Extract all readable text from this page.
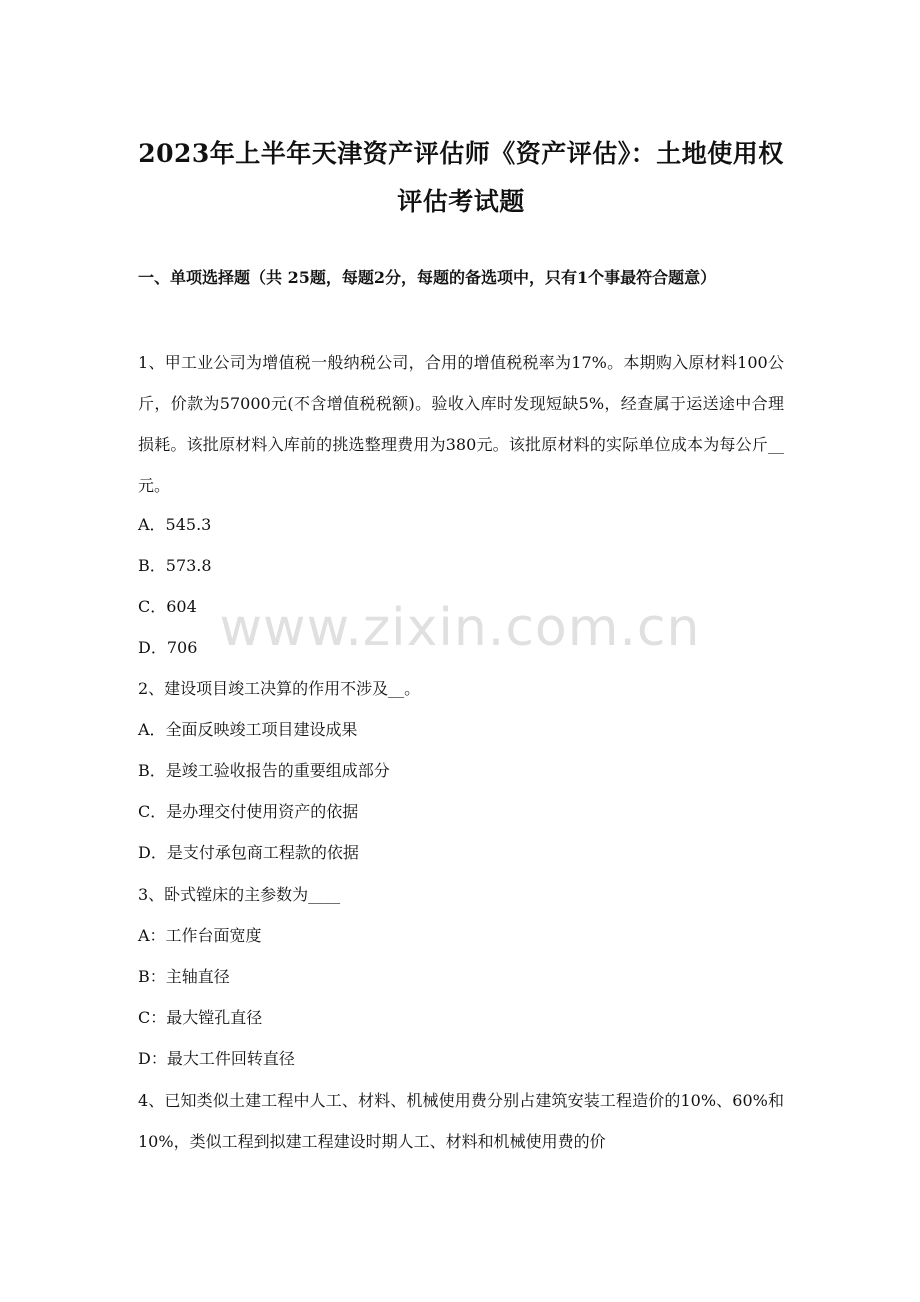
2023年上半年天津资产评估师《资产评估》：土地使用权
评估考试题
一、单项选择题（共 25题，每题2分，每题的备选项中，只有1个事最符合题意）
1、甲工业公司为增值税一般纳税公司，合用的增值税税率为17%。本期购入原材料100公斤，价款为57000元(不含增值税税额)。验收入库时发现短缺5%，经查属于运送途中合理损耗。该批原材料入库前的挑选整理费用为380元。该批原材料的实际单位成本为每公斤__元。
A．545.3
B．573.8
C．604
D．706
2、建设项目竣工决算的作用不涉及__。
A．全面反映竣工项目建设成果
B．是竣工验收报告的重要组成部分
C．是办理交付使用资产的依据
D．是支付承包商工程款的依据
3、卧式镗床的主参数为____
A：工作台面宽度
B：主轴直径
C：最大镗孔直径
D：最大工件回转直径
4、已知类似土建工程中人工、材料、机械使用费分别占建筑安装工程造价的10%、60%和10%，类似工程到拟建工程建设时期人工、材料和机械使用费的价
www.zixin.com.cn
